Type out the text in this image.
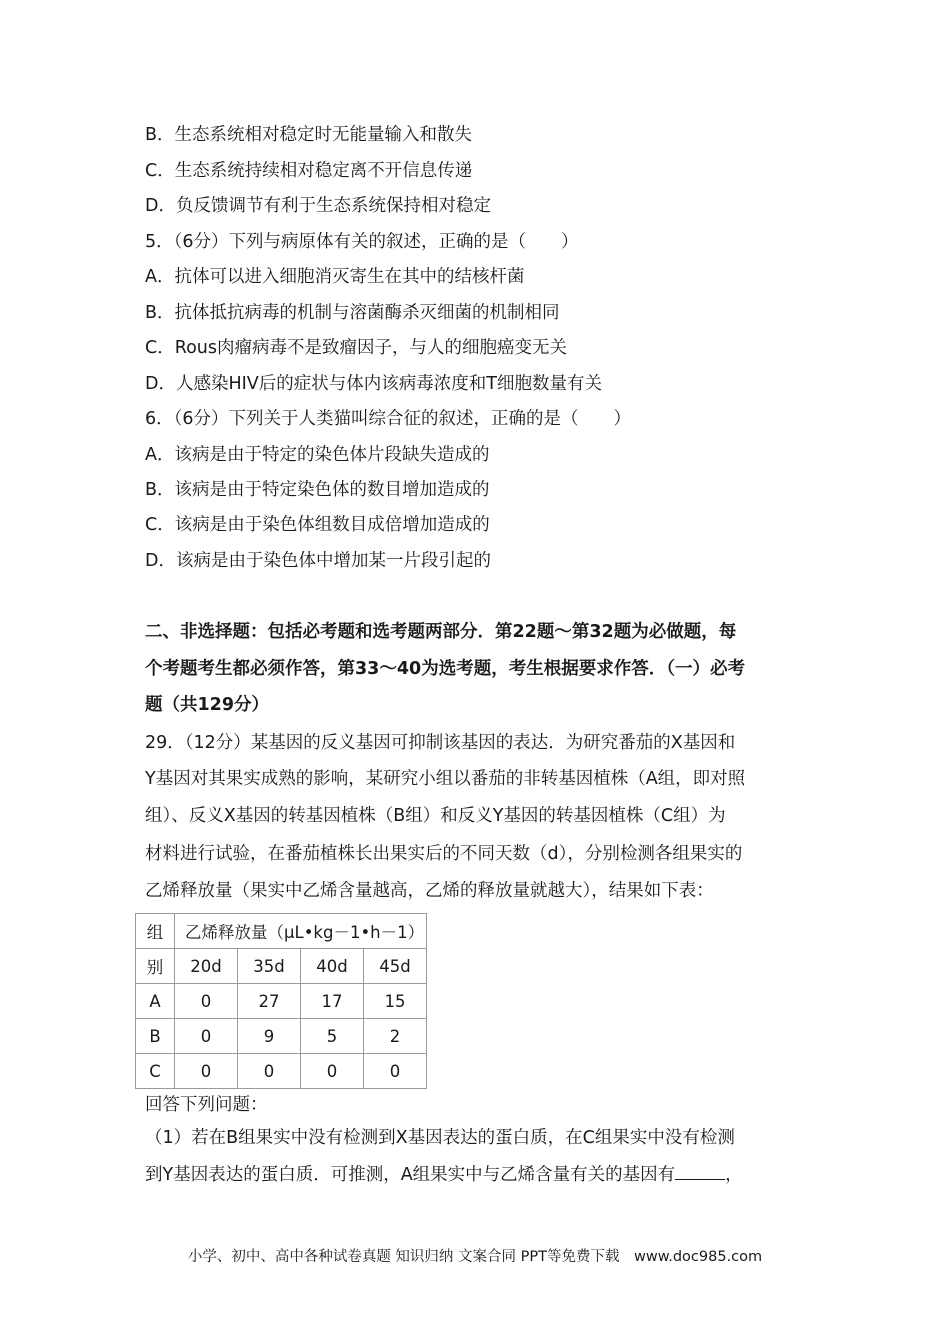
B．生态系统相对稳定时无能量输入和散失
C．生态系统持续相对稳定离不开信息传递
D．负反馈调节有利于生态系统保持相对稳定
5．（6分）下列与病原体有关的叙述，正确的是（　　）
A．抗体可以进入细胞消灭寄生在其中的结核杆菌
B．抗体抵抗病毒的机制与溶菌酶杀灭细菌的机制相同
C．Rous肉瘤病毒不是致瘤因子，与人的细胞癌变无关
D．人感染HIV后的症状与体内该病毒浓度和T细胞数量有关
6．（6分）下列关于人类猫叫综合征的叙述，正确的是（　　）
A．该病是由于特定的染色体片段缺失造成的
B．该病是由于特定染色体的数目增加造成的
C．该病是由于染色体组数目成倍增加造成的
D．该病是由于染色体中增加某一片段引起的
二、非选择题：包括必考题和选考题两部分．第22题～第32题为必做题，每
个考题考生都必须作答，第33～40为选考题，考生根据要求作答．（一）必考
题（共129分）
29．（12分）某基因的反义基因可抑制该基因的表达．为研究番茄的X基因和
Y基因对其果实成熟的影响，某研究小组以番茄的非转基因植株（A组，即对照
组）、反义X基因的转基因植株（B组）和反义Y基因的转基因植株（C组）为
材料进行试验，在番茄植株长出果实后的不同天数（d），分别检测各组果实的
乙烯释放量（果实中乙烯含量越高，乙烯的释放量就越大），结果如下表：
组	乙烯释放量（μL•kg－1•h－1）			
别	20d	35d	40d	45d
A	0	27	17	15
B	0	9	5	2
C	0	0	0	0
回答下列问题：
（1）若在B组果实中没有检测到X基因表达的蛋白质，在C组果实中没有检测
到Y基因表达的蛋白质．可推测，A组果实中与乙烯含量有关的基因有	，
小学、初中、高中各种试卷真题 知识归纳 文案合同 PPT等免费下载　www.doc985.com
